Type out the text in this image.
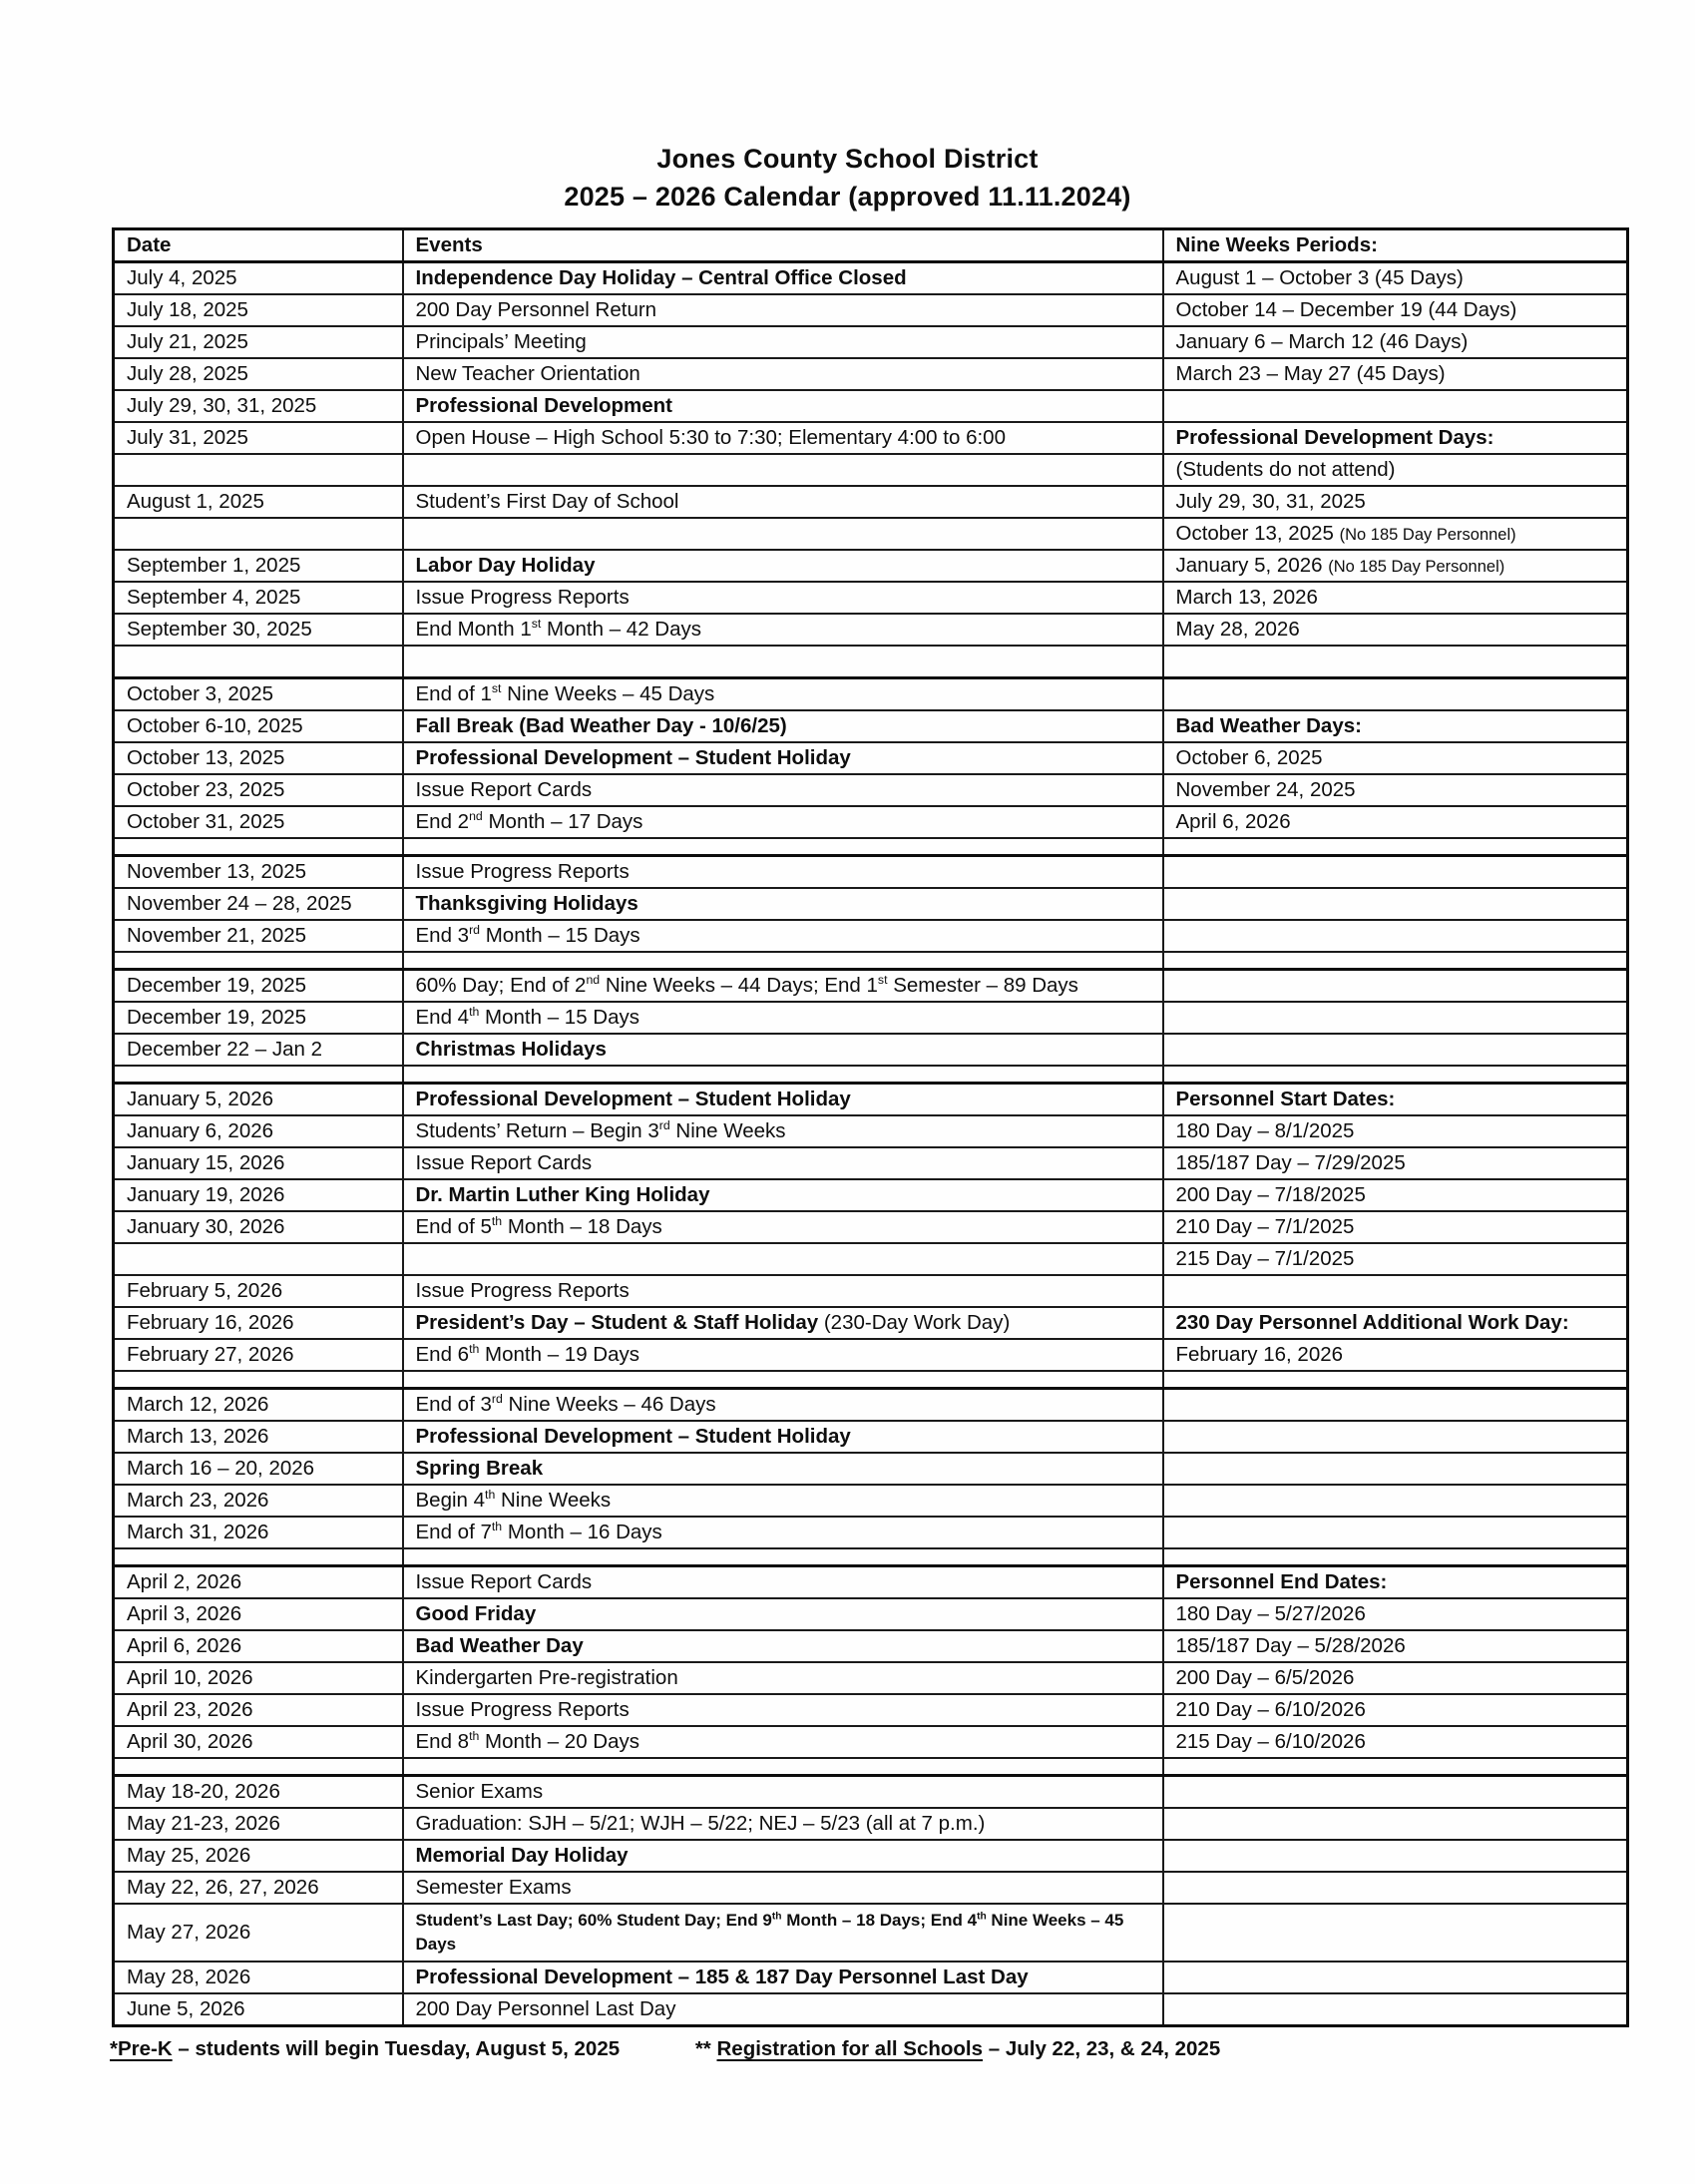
Jones County School District
2025 – 2026 Calendar (approved 11.11.2024)
Date	Events	Nine Weeks Periods:
July 4, 2025	Independence Day Holiday – Central Office Closed	August 1 – October 3 (45 Days)
July 18, 2025	200 Day Personnel Return	October 14 – December 19 (44 Days)
July 21, 2025	Principals’ Meeting	January 6 – March 12 (46 Days)
July 28, 2025	New Teacher Orientation	March 23 – May 27 (45 Days)
July 29, 30, 31, 2025	Professional Development	
July 31, 2025	Open House – High School 5:30 to 7:30; Elementary 4:00 to 6:00	Professional Development Days:
		(Students do not attend)
August 1, 2025	Student’s First Day of School	July 29, 30, 31, 2025
		October 13, 2025 (No 185 Day Personnel)
September 1, 2025	Labor Day Holiday	January 5, 2026 (No 185 Day Personnel)
September 4, 2025	Issue Progress Reports	March 13, 2026
September 30, 2025	End Month 1st Month – 42 Days	May 28, 2026

October 3, 2025	End of 1st Nine Weeks – 45 Days	
October 6-10, 2025	Fall Break (Bad Weather Day - 10/6/25)	Bad Weather Days:
October 13, 2025	Professional Development – Student Holiday	October 6, 2025
October 23, 2025	Issue Report Cards	November 24, 2025
October 31, 2025	End 2nd Month – 17 Days	April 6, 2026

November 13, 2025	Issue Progress Reports	
November 24 – 28, 2025	Thanksgiving Holidays	
November 21, 2025	End 3rd Month – 15 Days	

December 19, 2025	60% Day; End of 2nd Nine Weeks – 44 Days; End 1st Semester – 89 Days	
December 19, 2025	End 4th Month – 15 Days	
December 22 – Jan 2	Christmas Holidays	

January 5, 2026	Professional Development – Student Holiday	Personnel Start Dates:
January 6, 2026	Students’ Return – Begin 3rd Nine Weeks	180 Day – 8/1/2025
January 15, 2026	Issue Report Cards	185/187 Day – 7/29/2025
January 19, 2026	Dr. Martin Luther King Holiday	200 Day – 7/18/2025
January 30, 2026	End of 5th Month – 18 Days	210 Day – 7/1/2025
		215 Day – 7/1/2025
February 5, 2026	Issue Progress Reports	
February 16, 2026	President’s Day – Student & Staff Holiday (230-Day Work Day)	230 Day Personnel Additional Work Day:
February 27, 2026	End 6th Month – 19 Days	February 16, 2026

March 12, 2026	End of 3rd Nine Weeks – 46 Days	
March 13, 2026	Professional Development – Student Holiday	
March 16 – 20, 2026	Spring Break	
March 23, 2026	Begin 4th Nine Weeks	
March 31, 2026	End of 7th Month – 16 Days	

April 2, 2026	Issue Report Cards	Personnel End Dates:
April 3, 2026	Good Friday	180 Day – 5/27/2026
April 6, 2026	Bad Weather Day	185/187 Day – 5/28/2026
April 10, 2026	Kindergarten Pre-registration	200 Day – 6/5/2026
April 23, 2026	Issue Progress Reports	210 Day – 6/10/2026
April 30, 2026	End 8th Month – 20 Days	215 Day – 6/10/2026

May 18-20, 2026	Senior Exams	
May 21-23, 2026	Graduation: SJH – 5/21; WJH – 5/22; NEJ – 5/23 (all at 7 p.m.)	
May 25, 2026	Memorial Day Holiday	
May 22, 26, 27, 2026	Semester Exams	
May 27, 2026	Student’s Last Day; 60% Student Day; End 9th Month – 18 Days; End 4th Nine Weeks – 45 Days	
May 28, 2026	Professional Development – 185 & 187 Day Personnel Last Day	
June 5, 2026	200 Day Personnel Last Day	
*Pre-K – students will begin Tuesday, August 5, 2025	** Registration for all Schools – July 22, 23, & 24, 2025
